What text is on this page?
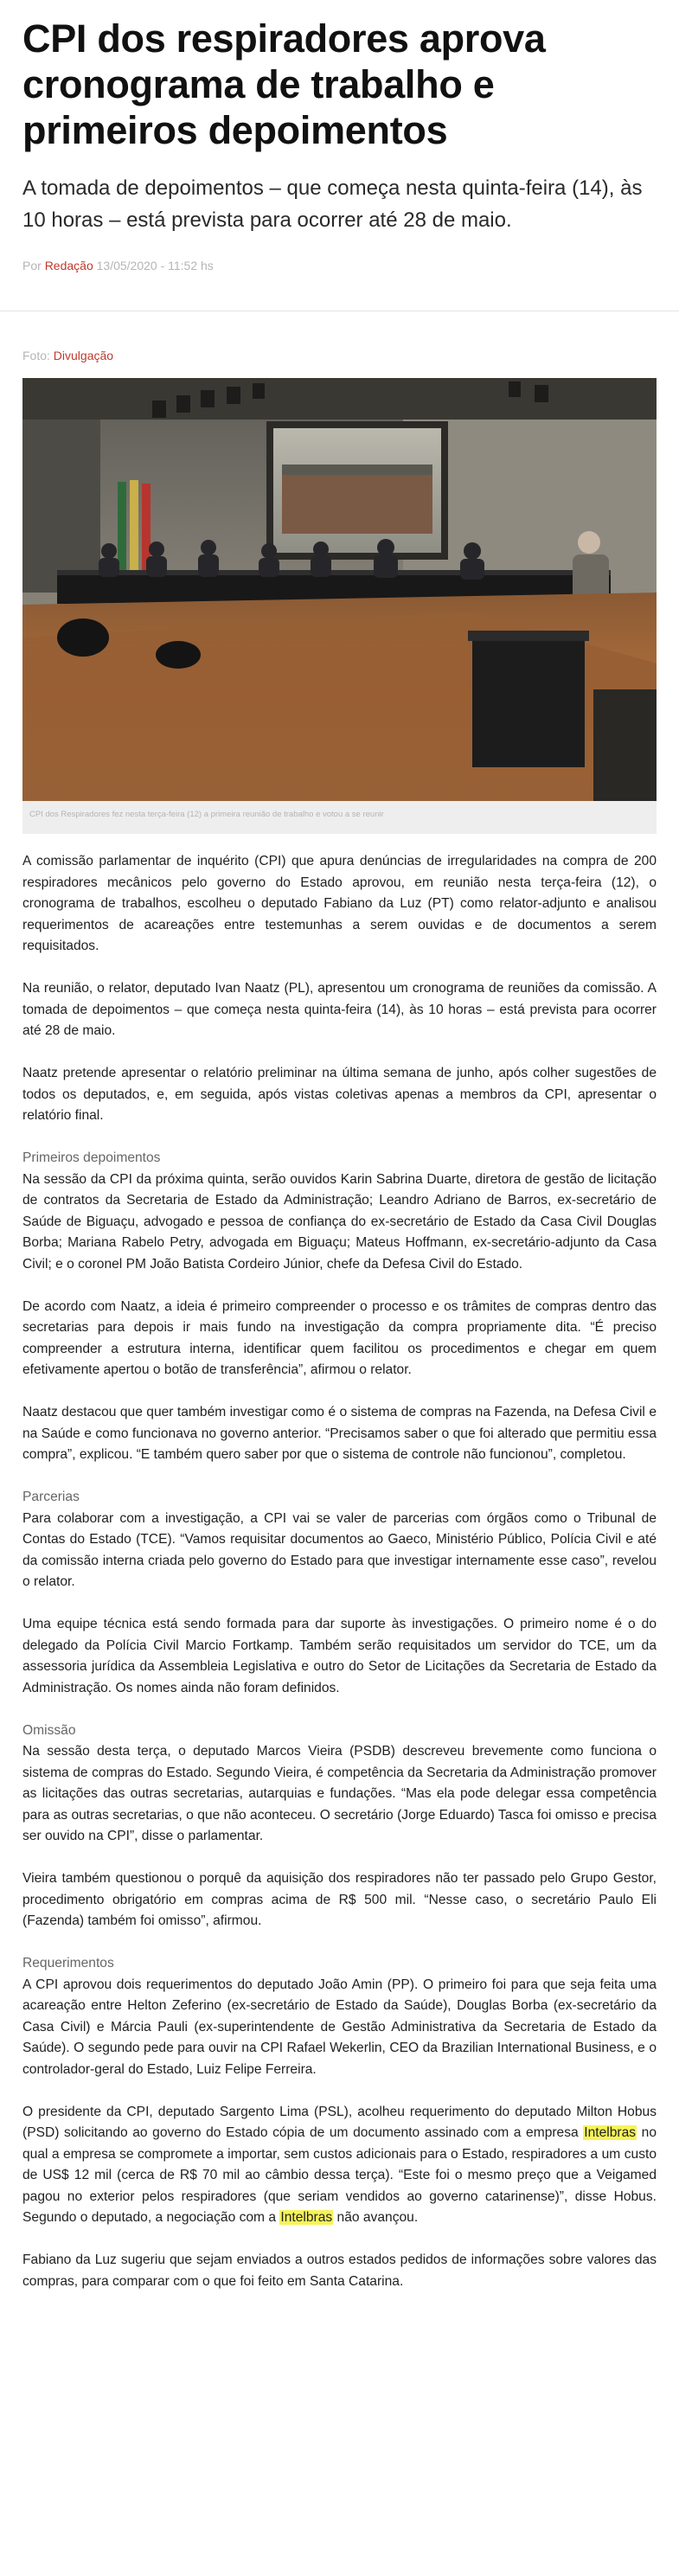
CPI dos respiradores aprova cronograma de trabalho e primeiros depoimentos

A tomada de depoimentos – que começa nesta quinta-feira (14), às 10 horas – está prevista para ocorrer até 28 de maio.

Por Redação 13/05/2020 - 11:52 hs
Foto: Divulgação
CPI dos Respiradores fez nesta terça-feira (12) a primeira reunião de trabalho e votou a se reunir

A comissão parlamentar de inquérito (CPI) que apura denúncias de irregularidades na compra de 200 respiradores mecânicos pelo governo do Estado aprovou, em reunião nesta terça-feira (12), o cronograma de trabalhos, escolheu o deputado Fabiano da Luz (PT) como relator-adjunto e analisou requerimentos de acareações entre testemunhas a serem ouvidas e de documentos a serem requisitados.

Na reunião, o relator, deputado Ivan Naatz (PL), apresentou um cronograma de reuniões da comissão. A tomada de depoimentos – que começa nesta quinta-feira (14), às 10 horas – está prevista para ocorrer até 28 de maio.

Naatz pretende apresentar o relatório preliminar na última semana de junho, após colher sugestões de todos os deputados, e, em seguida, após vistas coletivas apenas a membros da CPI, apresentar o relatório final.

Primeiros depoimentos

Na sessão da CPI da próxima quinta, serão ouvidos Karin Sabrina Duarte, diretora de gestão de licitação de contratos da Secretaria de Estado da Administração; Leandro Adriano de Barros, ex-secretário de Saúde de Biguaçu, advogado e pessoa de confiança do ex-secretário de Estado da Casa Civil Douglas Borba; Mariana Rabelo Petry, advogada em Biguaçu; Mateus Hoffmann, ex-secretário-adjunto da Casa Civil; e o coronel PM João Batista Cordeiro Júnior, chefe da Defesa Civil do Estado.

De acordo com Naatz, a ideia é primeiro compreender o processo e os trâmites de compras dentro das secretarias para depois ir mais fundo na investigação da compra propriamente dita. “É preciso compreender a estrutura interna, identificar quem facilitou os procedimentos e chegar em quem efetivamente apertou o botão de transferência”, afirmou o relator.

Naatz destacou que quer também investigar como é o sistema de compras na Fazenda, na Defesa Civil e na Saúde e como funcionava no governo anterior. “Precisamos saber o que foi alterado que permitiu essa compra”, explicou. “E também quero saber por que o sistema de controle não funcionou”, completou.

Parcerias

Para colaborar com a investigação, a CPI vai se valer de parcerias com órgãos como o Tribunal de Contas do Estado (TCE). “Vamos requisitar documentos ao Gaeco, Ministério Público, Polícia Civil e até da comissão interna criada pelo governo do Estado para que investigar internamente esse caso”, revelou o relator.

Uma equipe técnica está sendo formada para dar suporte às investigações. O primeiro nome é o do delegado da Polícia Civil Marcio Fortkamp. Também serão requisitados um servidor do TCE, um da assessoria jurídica da Assembleia Legislativa e outro do Setor de Licitações da Secretaria de Estado da Administração. Os nomes ainda não foram definidos.

Omissão

Na sessão desta terça, o deputado Marcos Vieira (PSDB) descreveu brevemente como funciona o sistema de compras do Estado. Segundo Vieira, é competência da Secretaria da Administração promover as licitações das outras secretarias, autarquias e fundações. “Mas ela pode delegar essa competência para as outras secretarias, o que não aconteceu. O secretário (Jorge Eduardo) Tasca foi omisso e precisa ser ouvido na CPI”, disse o parlamentar.

Vieira também questionou o porquê da aquisição dos respiradores não ter passado pelo Grupo Gestor, procedimento obrigatório em compras acima de R$ 500 mil. “Nesse caso, o secretário Paulo Eli (Fazenda) também foi omisso”, afirmou.

Requerimentos

A CPI aprovou dois requerimentos do deputado João Amin (PP). O primeiro foi para que seja feita uma acareação entre Helton Zeferino (ex-secretário de Estado da Saúde), Douglas Borba (ex-secretário da Casa Civil) e Márcia Pauli (ex-superintendente de Gestão Administrativa da Secretaria de Estado da Saúde). O segundo pede para ouvir na CPI Rafael Wekerlin, CEO da Brazilian International Business, e o controlador-geral do Estado, Luiz Felipe Ferreira.

O presidente da CPI, deputado Sargento Lima (PSL), acolheu requerimento do deputado Milton Hobus (PSD) solicitando ao governo do Estado cópia de um documento assinado com a empresa Intelbras no qual a empresa se compromete a importar, sem custos adicionais para o Estado, respiradores a um custo de US$ 12 mil (cerca de R$ 70 mil ao câmbio dessa terça). “Este foi o mesmo preço que a Veigamed pagou no exterior pelos respiradores (que seriam vendidos ao governo catarinense)”, disse Hobus. Segundo o deputado, a negociação com a Intelbras não avançou.

Fabiano da Luz sugeriu que sejam enviados a outros estados pedidos de informações sobre valores das compras, para comparar com o que foi feito em Santa Catarina.
